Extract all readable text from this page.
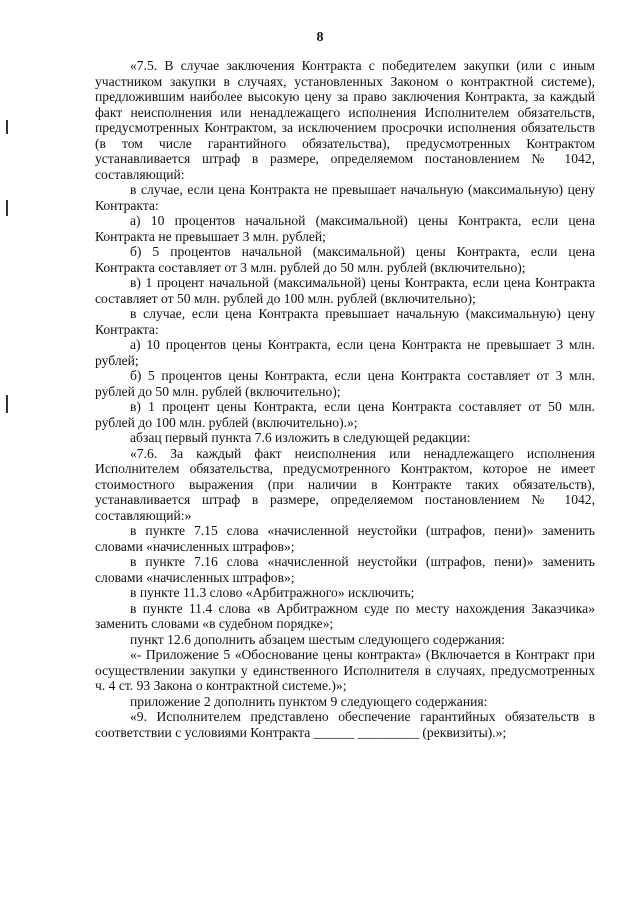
8

«7.5. В случае заключения Контракта с победителем закупки (или с иным участником закупки в случаях, установленных Законом о контрактной системе), предложившим наиболее высокую цену за право заключения Контракта, за каждый факт неисполнения или ненадлежащего исполнения Исполнителем обязательств, предусмотренных Контрактом, за исключением просрочки исполнения обязательств (в том числе гарантийного обязательства), предусмотренных Контрактом устанавливается штраф в размере, определяемом постановлением № 1042, составляющий:

в случае, если цена Контракта не превышает начальную (максимальную) цену Контракта:

а) 10 процентов начальной (максимальной) цены Контракта, если цена Контракта не превышает 3 млн. рублей;

б) 5 процентов начальной (максимальной) цены Контракта, если цена Контракта составляет от 3 млн. рублей до 50 млн. рублей (включительно);

в) 1 процент начальной (максимальной) цены Контракта, если цена Контракта составляет от 50 млн. рублей до 100 млн. рублей (включительно);

в случае, если цена Контракта превышает начальную (максимальную) цену Контракта:

а) 10 процентов цены Контракта, если цена Контракта не превышает 3 млн. рублей;

б) 5 процентов цены Контракта, если цена Контракта составляет от 3 млн. рублей до 50 млн. рублей (включительно);

в) 1 процент цены Контракта, если цена Контракта составляет от 50 млн. рублей до 100 млн. рублей (включительно).»;

абзац первый пункта 7.6 изложить в следующей редакции:

«7.6. За каждый факт неисполнения или ненадлежащего исполнения Исполнителем обязательства, предусмотренного Контрактом, которое не имеет стоимостного выражения (при наличии в Контракте таких обязательств), устанавливается штраф в размере, определяемом постановлением № 1042, составляющий:»

в пункте 7.15 слова «начисленной неустойки (штрафов, пени)» заменить словами «начисленных штрафов»;

в пункте 7.16 слова «начисленной неустойки (штрафов, пени)» заменить словами «начисленных штрафов»;

в пункте 11.3 слово «Арбитражного» исключить;

в пункте 11.4 слова «в Арбитражном суде по месту нахождения Заказчика» заменить словами «в судебном порядке»;

пункт 12.6 дополнить абзацем шестым следующего содержания:

«- Приложение 5 «Обоснование цены контракта» (Включается в Контракт при осуществлении закупки у единственного Исполнителя в случаях, предусмотренных ч. 4 ст. 93 Закона о контрактной системе.)»;

приложение 2 дополнить пунктом 9 следующего содержания:

«9. Исполнителем представлено обеспечение гарантийных обязательств в соответствии с условиями Контракта ______ _________ (реквизиты).»;
